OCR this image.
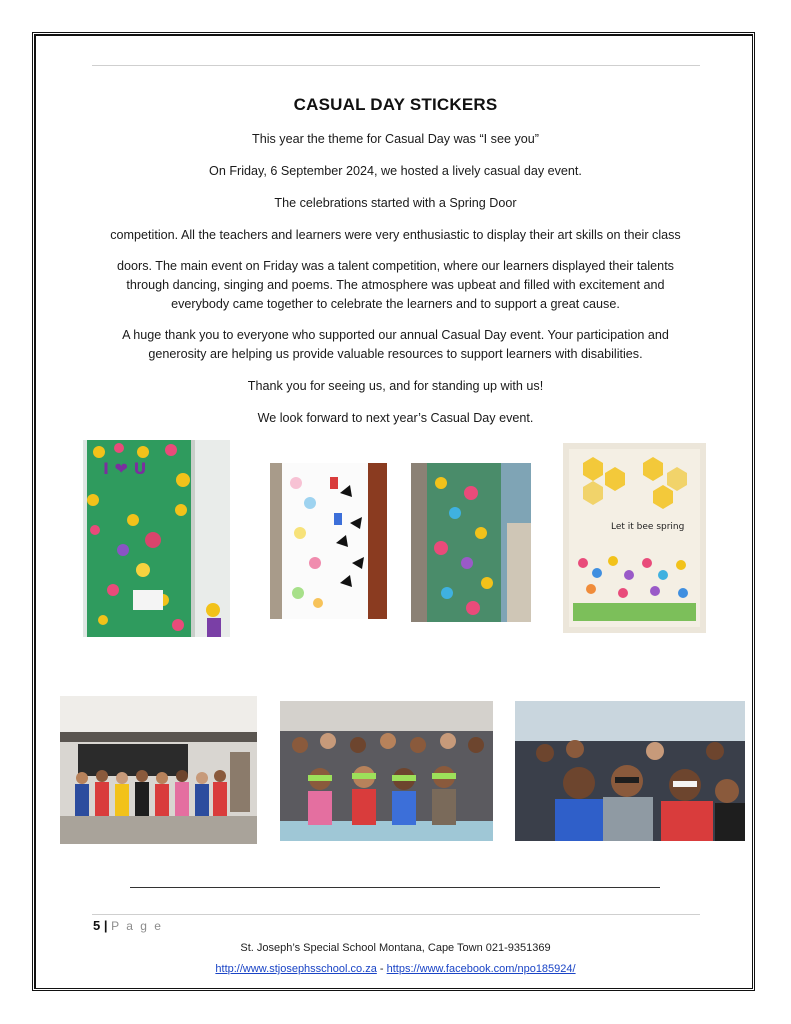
CASUAL DAY STICKERS
This year the theme for Casual Day was “I see you”
On Friday, 6 September 2024, we hosted a lively casual day event.
The celebrations started with a Spring Door
competition. All the teachers and learners were very enthusiastic to display their art skills on their class
doors. The main event on Friday was a talent competition, where our learners displayed their talents through dancing, singing and poems. The atmosphere was upbeat and filled with excitement and everybody came together to celebrate the learners and to support a great cause.
A huge thank you to everyone who supported our annual Casual Day event. Your participation and generosity are helping us provide valuable resources to support learners with disabilities.
Thank you for seeing us, and for standing up with us!
We look forward to next year’s Casual Day event.
I ❤ U
Let it bee spring
5 | P a g e
St. Joseph’s Special School Montana, Cape Town 021-9351369
http://www.stjosephsschool.co.za - https://www.facebook.com/npo185924/
